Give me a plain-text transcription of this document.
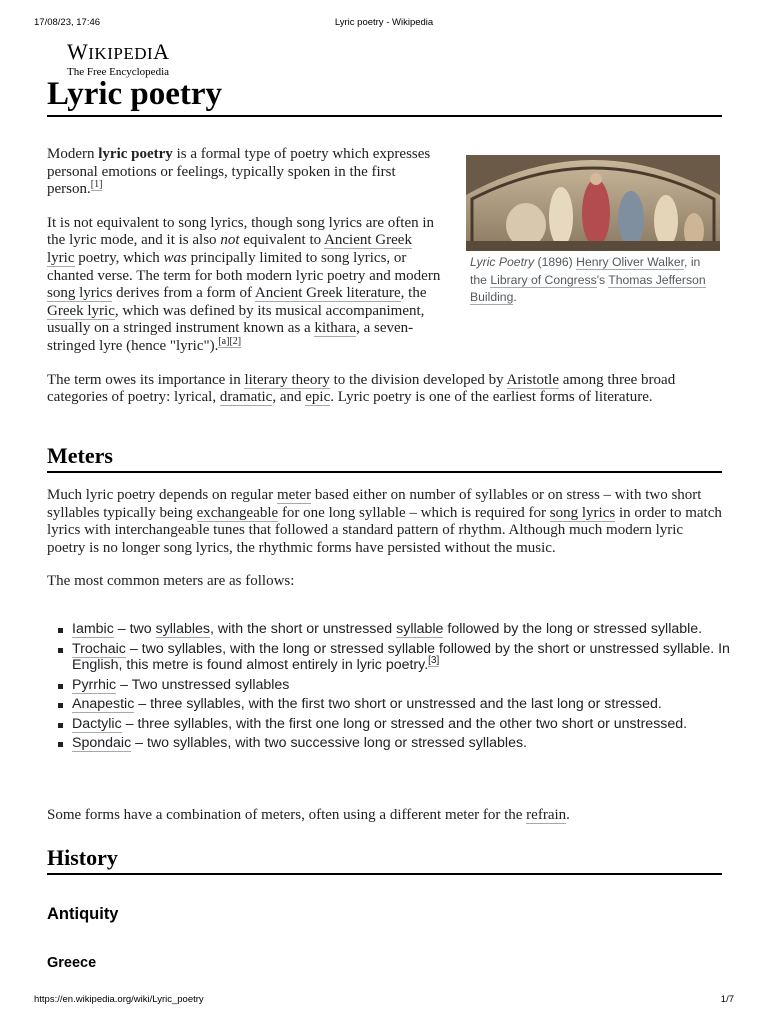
17/08/23, 17:46	Lyric poetry - Wikipedia
WIKIPEDIA
The Free Encyclopedia
Lyric poetry
Lyric Poetry (1896) Henry Oliver Walker, in the Library of Congress's Thomas Jefferson Building.

Modern lyric poetry is a formal type of poetry which expresses personal emotions or feelings, typically spoken in the first person.[1]

It is not equivalent to song lyrics, though song lyrics are often in the lyric mode, and it is also not equivalent to Ancient Greek lyric poetry, which was principally limited to song lyrics, or chanted verse. The term for both modern lyric poetry and modern song lyrics derives from a form of Ancient Greek literature, the Greek lyric, which was defined by its musical accompaniment, usually on a stringed instrument known as a kithara, a seven-stringed lyre (hence "lyric").[a][2]

The term owes its importance in literary theory to the division developed by Aristotle among three broad categories of poetry: lyrical, dramatic, and epic. Lyric poetry is one of the earliest forms of literature.

Meters

Much lyric poetry depends on regular meter based either on number of syllables or on stress – with two short syllables typically being exchangeable for one long syllable – which is required for song lyrics in order to match lyrics with interchangeable tunes that followed a standard pattern of rhythm. Although much modern lyric poetry is no longer song lyrics, the rhythmic forms have persisted without the music.

The most common meters are as follows:

Iambic – two syllables, with the short or unstressed syllable followed by the long or stressed syllable.
Trochaic – two syllables, with the long or stressed syllable followed by the short or unstressed syllable. In English, this metre is found almost entirely in lyric poetry.[3]
Pyrrhic – Two unstressed syllables
Anapestic – three syllables, with the first two short or unstressed and the last long or stressed.
Dactylic – three syllables, with the first one long or stressed and the other two short or unstressed.
Spondaic – two syllables, with two successive long or stressed syllables.

Some forms have a combination of meters, often using a different meter for the refrain.

History
Antiquity
Greece
https://en.wikipedia.org/wiki/Lyric_poetry	1/7
